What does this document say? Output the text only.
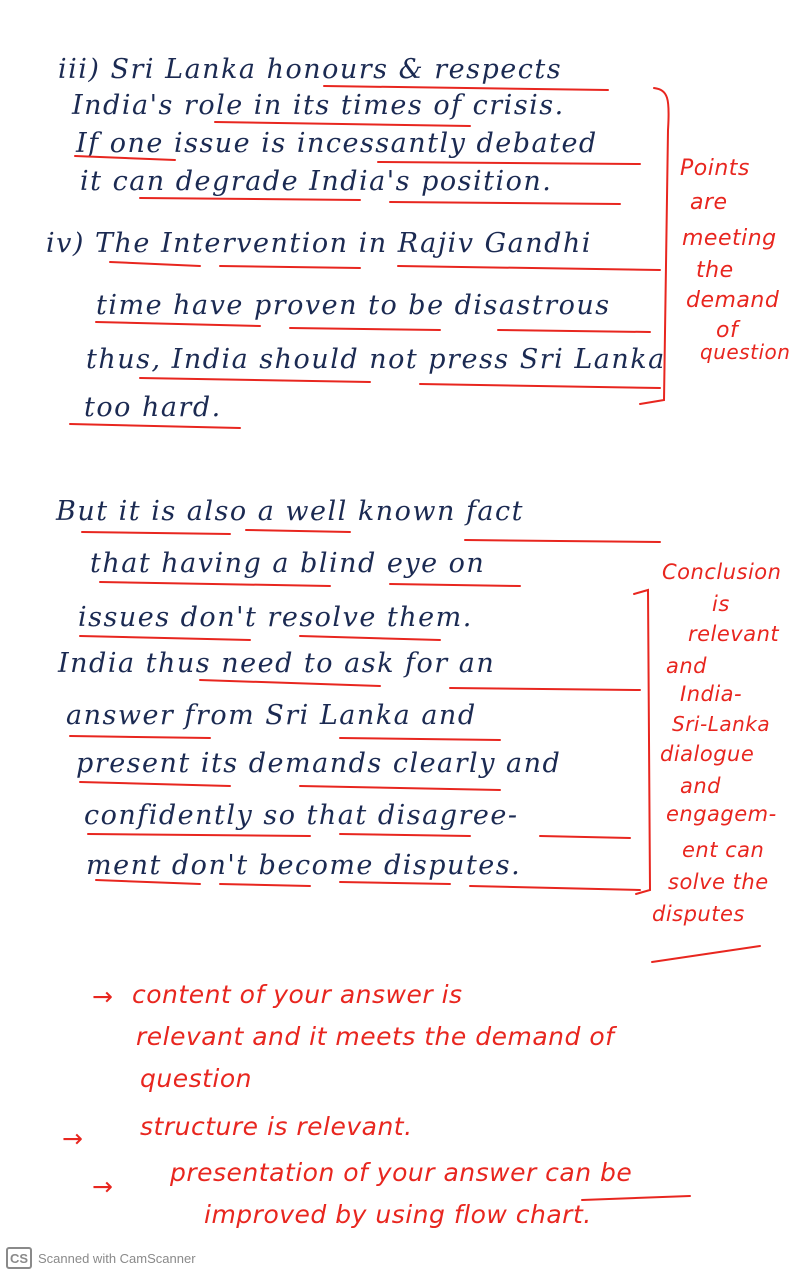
iii) Sri Lanka honours & respects
India's role in its times of crisis.
If one issue is incessantly debated
it can degrade India's position.
iv) The Intervention in Rajiv Gandhi
time have proven to be disastrous
thus, India should not press Sri Lanka
too hard.
But it is also a well known fact
that having a blind eye on
issues don't resolve them.
India thus need to ask for an
answer from Sri Lanka and
present its demands clearly and
confidently so that disagree-
ment don't become disputes.
Points
are
meeting
the
demand
of
question
Conclusion
is
relevant
and
India-
Sri-Lanka
dialogue
and
engagem-
ent can
solve the
disputes
→ content of your answer is
relevant and it meets the demand of
question
→ structure is relevant.
→ presentation of your answer can be
improved by using flow chart.
CS Scanned with CamScanner
